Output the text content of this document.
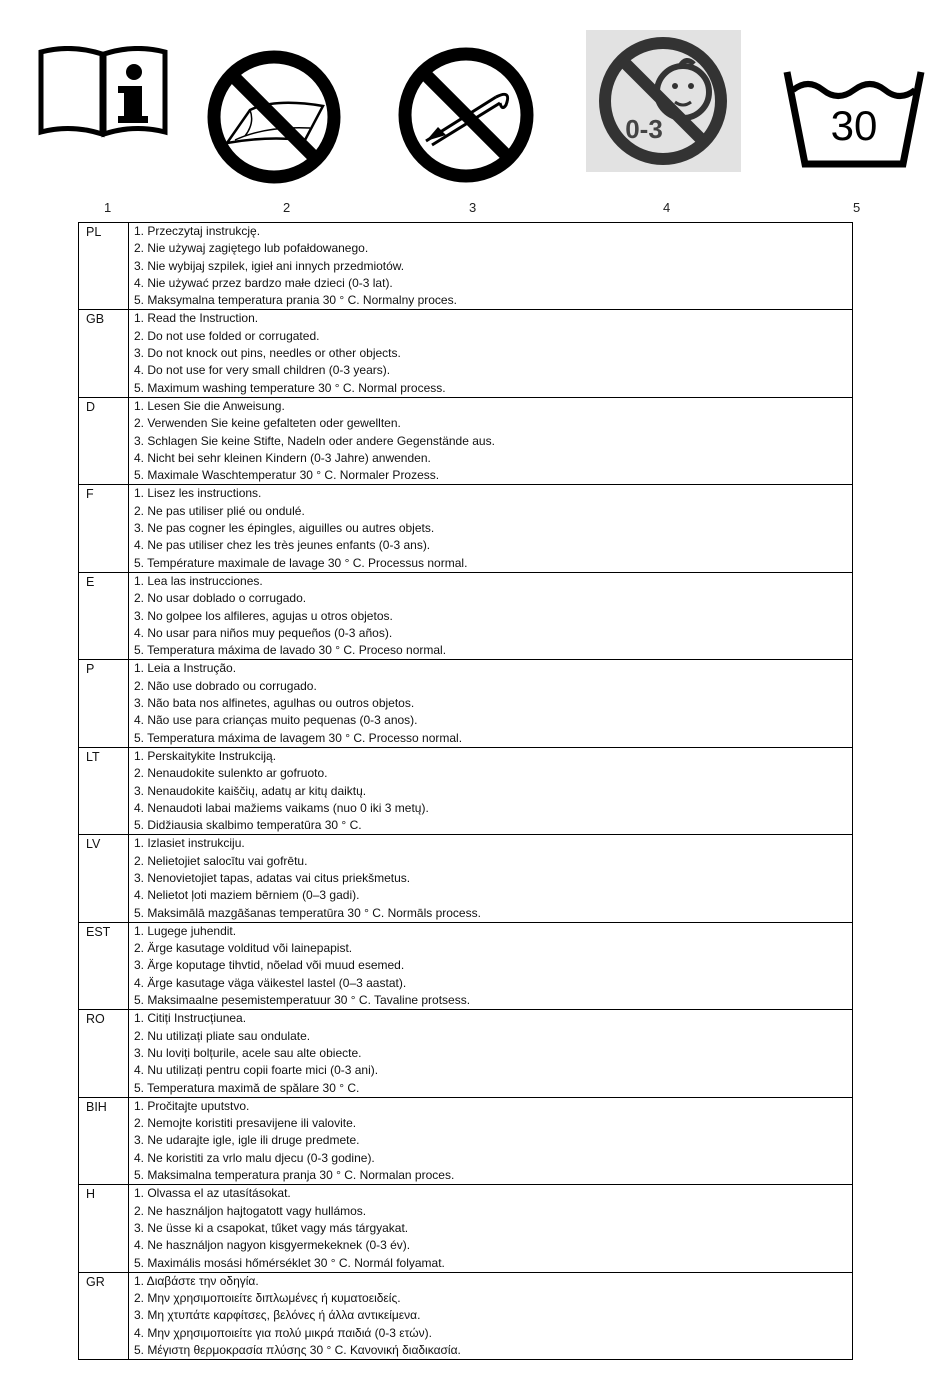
0-3	30
1	2	3	4	5
PL	1. Przeczytaj instrukcję.
2. Nie używaj zagiętego lub pofałdowanego.
3. Nie wybijaj szpilek, igieł ani innych przedmiotów.
4. Nie używać przez bardzo małe dzieci (0-3 lat).
5. Maksymalna temperatura prania 30 ° C. Normalny proces.

GB	1. Read the Instruction.
2. Do not use folded or corrugated.
3. Do not knock out pins, needles or other objects.
4. Do not use for very small children (0-3 years).
5. Maximum washing temperature 30 ° C. Normal process.

D	1. Lesen Sie die Anweisung.
2. Verwenden Sie keine gefalteten oder gewellten.
3. Schlagen Sie keine Stifte, Nadeln oder andere Gegenstände aus.
4. Nicht bei sehr kleinen Kindern (0-3 Jahre) anwenden.
5. Maximale Waschtemperatur 30 ° C. Normaler Prozess.

F	1. Lisez les instructions.
2. Ne pas utiliser plié ou ondulé.
3. Ne pas cogner les épingles, aiguilles ou autres objets.
4. Ne pas utiliser chez les très jeunes enfants (0-3 ans).
5. Température maximale de lavage 30 ° C. Processus normal.

E	1. Lea las instrucciones.
2. No usar doblado o corrugado.
3. No golpee los alfileres, agujas u otros objetos.
4. No usar para niños muy pequeños (0-3 años).
5. Temperatura máxima de lavado 30 ° C. Proceso normal.

P	1. Leia a Instrução.
2. Não use dobrado ou corrugado.
3. Não bata nos alfinetes, agulhas ou outros objetos.
4. Não use para crianças muito pequenas (0-3 anos).
5. Temperatura máxima de lavagem 30 ° C. Processo normal.

LT	1. Perskaitykite Instrukciją.
2. Nenaudokite sulenkto ar gofruoto.
3. Nenaudokite kaiščių, adatų ar kitų daiktų.
4. Nenaudoti labai mažiems vaikams (nuo 0 iki 3 metų).
5. Didžiausia skalbimo temperatūra 30 ° C.

LV	1. Izlasiet instrukciju.
2. Nelietojiet salocītu vai gofrētu.
3. Nenovietojiet tapas, adatas vai citus priekšmetus.
4. Nelietot ļoti maziem bērniem (0–3 gadi).
5. Maksimālā mazgāšanas temperatūra 30 ° C. Normāls process.

EST	1. Lugege juhendit.
2. Ärge kasutage volditud või lainepapist.
3. Ärge koputage tihvtid, nõelad või muud esemed.
4. Ärge kasutage väga väikestel lastel (0–3 aastat).
5. Maksimaalne pesemistemperatuur 30 ° C. Tavaline protsess.

RO	1. Citiți Instrucțiunea.
2. Nu utilizați pliate sau ondulate.
3. Nu loviți bolțurile, acele sau alte obiecte.
4. Nu utilizați pentru copii foarte mici (0-3 ani).
5. Temperatura maximă de spălare 30 ° C.

BIH	1. Pročitajte uputstvo.
2. Nemojte koristiti presavijene ili valovite.
3. Ne udarajte igle, igle ili druge predmete.
4. Ne koristiti za vrlo malu djecu (0-3 godine).
5. Maksimalna temperatura pranja 30 ° C. Normalan proces.

H	1. Olvassa el az utasításokat.
2. Ne használjon hajtogatott vagy hullámos.
3. Ne üsse ki a csapokat, tűket vagy más tárgyakat.
4. Ne használjon nagyon kisgyermekeknek (0-3 év).
5. Maximális mosási hőmérséklet 30 ° C. Normál folyamat.

GR	1. Διαβάστε την οδηγία.
2. Μην χρησιμοποιείτε διπλωμένες ή κυματοειδείς.
3. Μη χτυπάτε καρφίτσες, βελόνες ή άλλα αντικείμενα.
4. Μην χρησιμοποιείτε για πολύ μικρά παιδιά (0-3 ετών).
5. Μέγιστη θερμοκρασία πλύσης 30 ° C. Κανονική διαδικασία.
